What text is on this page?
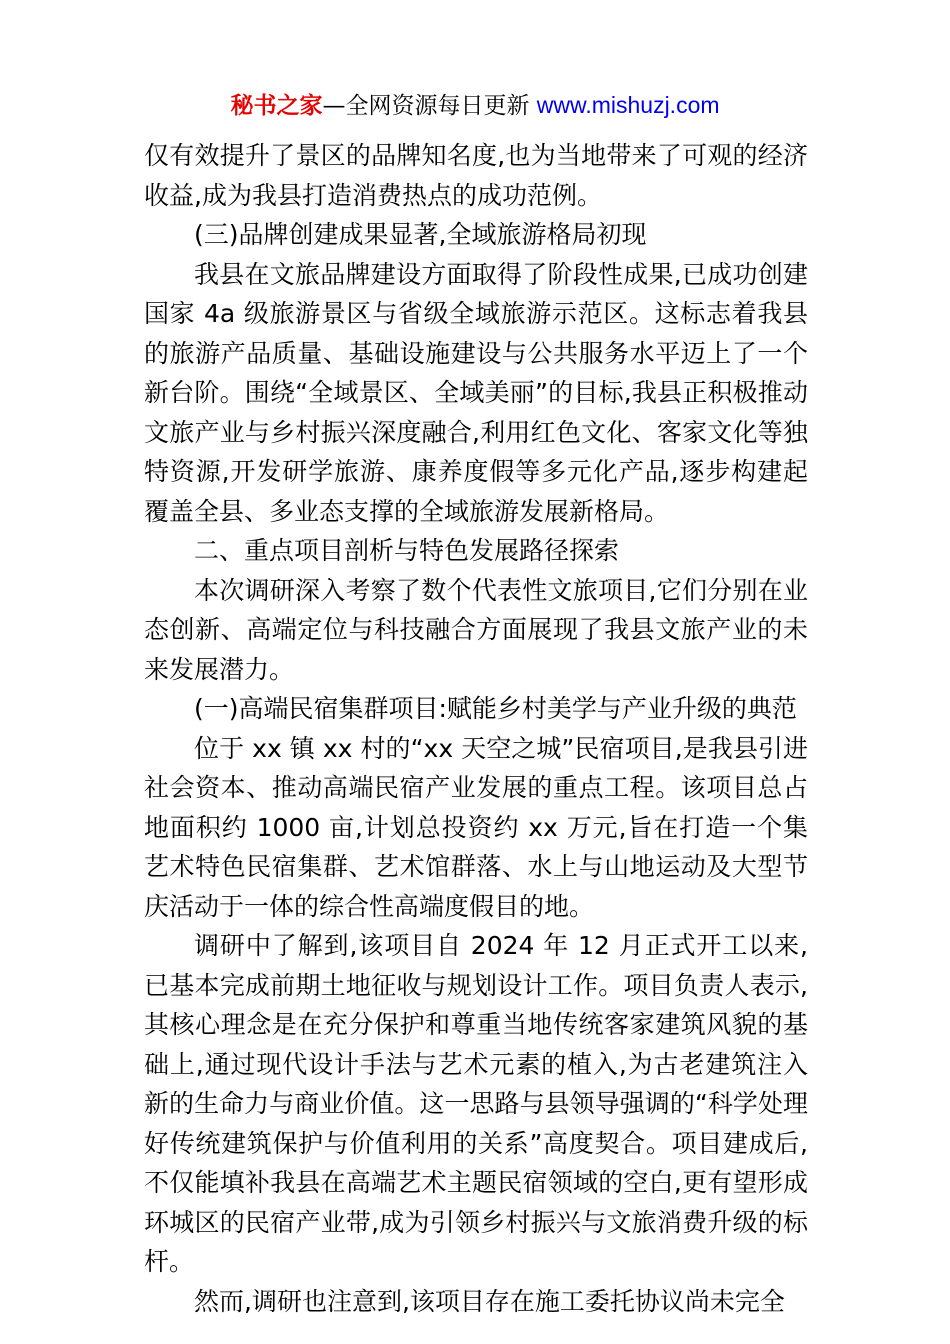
秘书之家—全网资源每日更新 www.mishuzj.com

仅有效提升了景区的品牌知名度,也为当地带来了可观的经济收益,成为我县打造消费热点的成功范例。

(三)品牌创建成果显著,全域旅游格局初现

我县在文旅品牌建设方面取得了阶段性成果,已成功创建国家 4a 级旅游景区与省级全域旅游示范区。这标志着我县的旅游产品质量、基础设施建设与公共服务水平迈上了一个新台阶。围绕“全域景区、全域美丽”的目标,我县正积极推动文旅产业与乡村振兴深度融合,利用红色文化、客家文化等独特资源,开发研学旅游、康养度假等多元化产品,逐步构建起覆盖全县、多业态支撑的全域旅游发展新格局。

二、重点项目剖析与特色发展路径探索

本次调研深入考察了数个代表性文旅项目,它们分别在业态创新、高端定位与科技融合方面展现了我县文旅产业的未来发展潜力。

(一)高端民宿集群项目:赋能乡村美学与产业升级的典范

位于 xx 镇 xx 村的“xx 天空之城”民宿项目,是我县引进社会资本、推动高端民宿产业发展的重点工程。该项目总占地面积约 1000 亩,计划总投资约 xx 万元,旨在打造一个集艺术特色民宿集群、艺术馆群落、水上与山地运动及大型节庆活动于一体的综合性高端度假目的地。

调研中了解到,该项目自 2024 年 12 月正式开工以来,已基本完成前期土地征收与规划设计工作。项目负责人表示,其核心理念是在充分保护和尊重当地传统客家建筑风貌的基础上,通过现代设计手法与艺术元素的植入,为古老建筑注入新的生命力与商业价值。这一思路与县领导强调的“科学处理好传统建筑保护与价值利用的关系”高度契合。项目建成后,不仅能填补我县在高端艺术主题民宿领域的空白,更有望形成环城区的民宿产业带,成为引领乡村振兴与文旅消费升级的标杆。

然而,调研也注意到,该项目存在施工委托协议尚未完全
